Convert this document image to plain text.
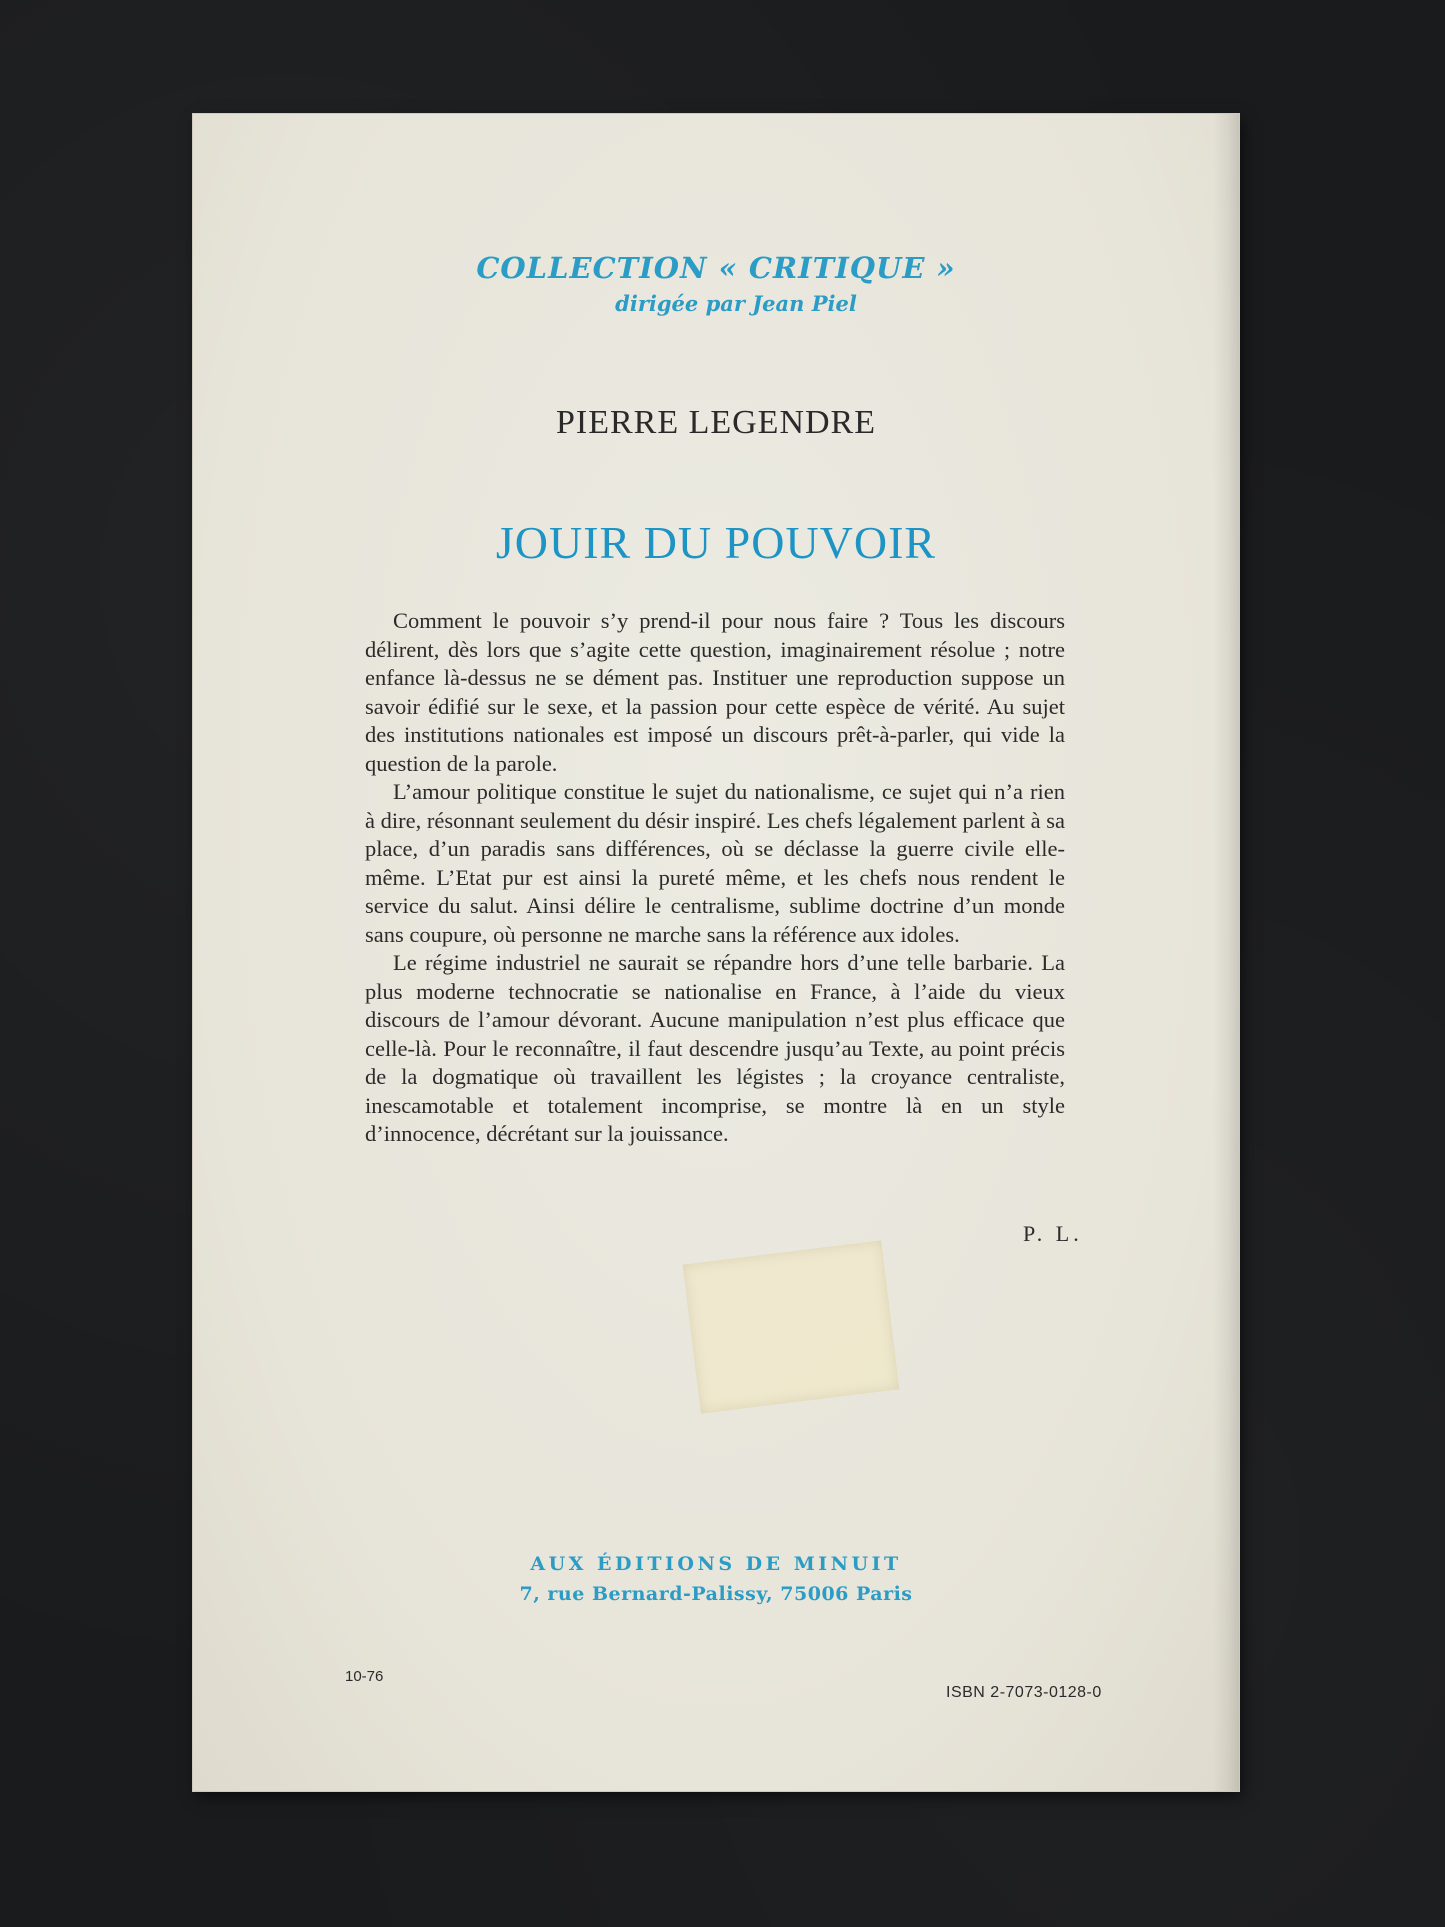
COLLECTION « CRITIQUE »
dirigée par Jean Piel
PIERRE LEGENDRE
JOUIR DU POUVOIR

Comment le pouvoir s’y prend-il pour nous faire ? Tous les discours délirent, dès lors que s’agite cette question, imaginairement résolue ; notre enfance là-dessus ne se dément pas. Instituer une reproduction suppose un savoir édifié sur le sexe, et la passion pour cette espèce de vérité. Au sujet des institutions nationales est imposé un discours prêt-à-parler, qui vide la question de la parole.

L’amour politique constitue le sujet du nationalisme, ce sujet qui n’a rien à dire, résonnant seulement du désir inspiré. Les chefs légalement parlent à sa place, d’un paradis sans différences, où se déclasse la guerre civile elle-même. L’Etat pur est ainsi la pureté même, et les chefs nous rendent le service du salut. Ainsi délire le centralisme, sublime doctrine d’un monde sans coupure, où personne ne marche sans la référence aux idoles.

Le régime industriel ne saurait se répandre hors d’une telle barbarie. La plus moderne technocratie se nationalise en France, à l’aide du vieux discours de l’amour dévorant. Aucune manipulation n’est plus efficace que celle-là. Pour le reconnaître, il faut descendre jusqu’au Texte, au point précis de la dogmatique où travaillent les légistes ; la croyance centraliste, inescamotable et totalement incomprise, se montre là en un style d’innocence, décrétant sur la jouissance.

P. L.
AUX ÉDITIONS DE MINUIT
7, rue Bernard-Palissy, 75006 Paris
10-76
ISBN 2-7073-0128-0
